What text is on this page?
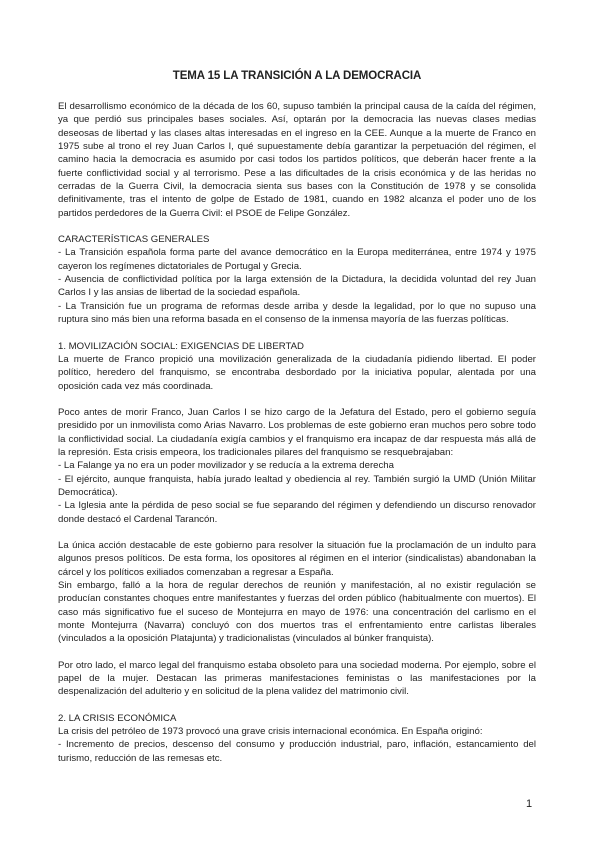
TEMA 15 LA TRANSICIÓN A LA DEMOCRACIA

El desarrollismo económico de la década de los 60, supuso también la principal causa de la caída del régimen, ya que perdió sus principales bases sociales. Así, optarán por la democracia las nuevas clases medias deseosas de libertad y las clases altas interesadas en el ingreso en la CEE. Aunque a la muerte de Franco en 1975 sube al trono el rey Juan Carlos I, qué supuestamente debía garantizar la perpetuación del régimen, el camino hacia la democracia es asumido por casi todos los partidos políticos, que deberán hacer frente a la fuerte conflictividad social y al terrorismo. Pese a las dificultades de la crisis económica y de las heridas no cerradas de la Guerra Civil, la democracia sienta sus bases con la Constitución de 1978 y se consolida definitivamente, tras el intento de golpe de Estado de 1981, cuando en 1982 alcanza el poder uno de los partidos perdedores de la Guerra Civil: el PSOE de Felipe González.

CARACTERÍSTICAS GENERALES

- La Transición española forma parte del avance democrático en la Europa mediterránea, entre 1974 y 1975 cayeron los regímenes dictatoriales de Portugal y Grecia.

- Ausencia de conflictividad política por la larga extensión de la Dictadura, la decidida voluntad del rey Juan Carlos I y las ansias de libertad de la sociedad española.

- La Transición fue un programa de reformas desde arriba y desde la legalidad, por lo que no supuso una ruptura sino más bien una reforma basada en el consenso de la inmensa mayoría de las fuerzas políticas.

1. MOVILIZACIÓN SOCIAL: EXIGENCIAS DE LIBERTAD

La muerte de Franco propició una movilización generalizada de la ciudadanía pidiendo libertad. El poder político, heredero del franquismo, se encontraba desbordado por la iniciativa popular, alentada por una oposición cada vez más coordinada.

Poco antes de morir Franco, Juan Carlos I se hizo cargo de la Jefatura del Estado, pero el gobierno seguía presidido por un inmovilista como Arias Navarro. Los problemas de este gobierno eran muchos pero sobre todo la conflictividad social. La ciudadanía exigía cambios y el franquismo era incapaz de dar respuesta más allá de la represión. Esta crisis empeora, los tradicionales pilares del franquismo se resquebrajaban:

- La Falange ya no era un poder movilizador y se reducía a la extrema derecha

- El ejército, aunque franquista, había jurado lealtad y obediencia al rey. También surgió la UMD (Unión Militar Democrática).

- La Iglesia ante la pérdida de peso social se fue separando del régimen y defendiendo un discurso renovador donde destacó el Cardenal Tarancón.

La única acción destacable de este gobierno para resolver la situación fue la proclamación de un indulto para algunos presos políticos. De esta forma, los opositores al régimen en el interior (sindicalistas) abandonaban la cárcel y los políticos exiliados comenzaban a regresar a España.

Sin embargo, falló a la hora de regular derechos de reunión y manifestación, al no existir regulación se producían constantes choques entre manifestantes y fuerzas del orden público (habitualmente con muertos). El caso más significativo fue el suceso de Montejurra en mayo de 1976: una concentración del carlismo en el monte Montejurra (Navarra) concluyó con dos muertos tras el enfrentamiento entre carlistas liberales (vinculados a la oposición Platajunta) y tradicionalistas (vinculados al búnker franquista).

Por otro lado, el marco legal del franquismo estaba obsoleto para una sociedad moderna. Por ejemplo, sobre el papel de la mujer. Destacan las primeras manifestaciones feministas o las manifestaciones por la despenalización del adulterio y en solicitud de la plena validez del matrimonio civil.

2. LA CRISIS ECONÓMICA

La crisis del petróleo de 1973 provocó una grave crisis internacional económica. En España originó:

- Incremento de precios, descenso del consumo y producción industrial, paro, inflación, estancamiento del turismo, reducción de las remesas etc.

1
